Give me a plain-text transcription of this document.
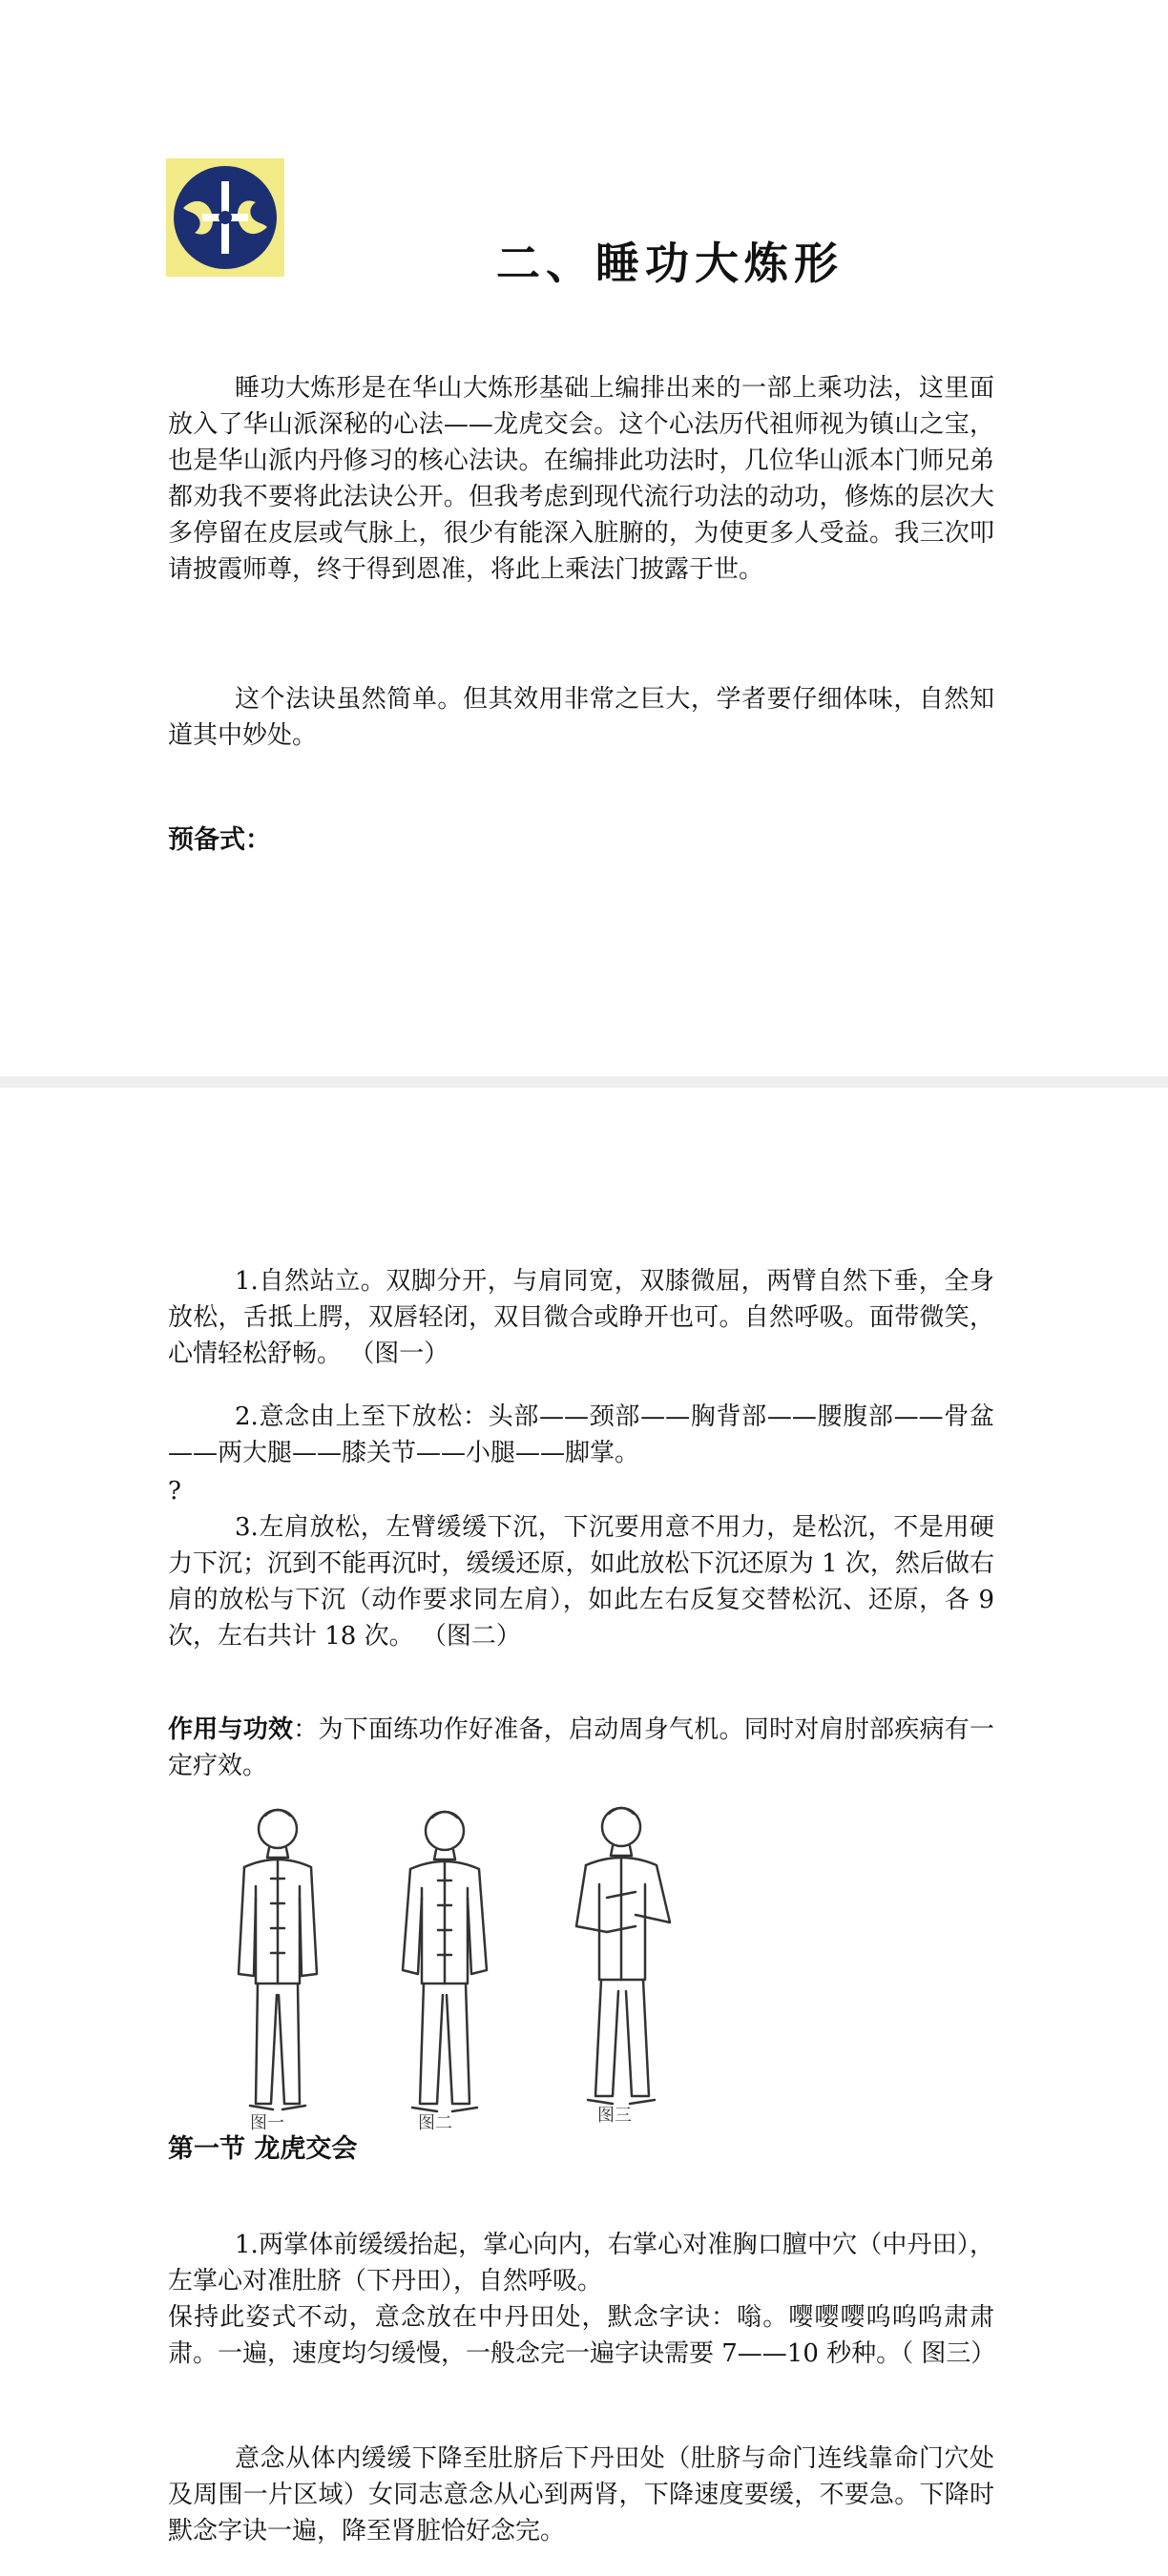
二、睡功大炼形
睡功大炼形是在华山大炼形基础上编排出来的一部上乘功法，这里面放入了华山派深秘的心法——龙虎交会。这个心法历代祖师视为镇山之宝，也是华山派内丹修习的核心法诀。在编排此功法时，几位华山派本门师兄弟都劝我不要将此法诀公开。但我考虑到现代流行功法的动功，修炼的层次大多停留在皮层或气脉上，很少有能深入脏腑的，为使更多人受益。我三次叩请披霞师尊，终于得到恩准，将此上乘法门披露于世。
这个法诀虽然简单。但其效用非常之巨大，学者要仔细体味，自然知道其中妙处。
预备式：
1.自然站立。双脚分开，与肩同宽，双膝微屈，两臂自然下垂，全身放松，舌抵上腭，双唇轻闭，双目微合或睁开也可。自然呼吸。面带微笑，心情轻松舒畅。 （图一）
2.意念由上至下放松：头部——颈部——胸背部——腰腹部——骨盆——两大腿——膝关节——小腿——脚掌。
?
3.左肩放松，左臂缓缓下沉，下沉要用意不用力，是松沉，不是用硬力下沉；沉到不能再沉时，缓缓还原，如此放松下沉还原为 1 次，然后做右肩的放松与下沉（动作要求同左肩），如此左右反复交替松沉、还原，各 9 次，左右共计 18 次。 （图二）
作用与功效：为下面练功作好准备，启动周身气机。同时对肩肘部疾病有一定疗效。
图一	图二	图三
第一节 龙虎交会
1.两掌体前缓缓抬起，掌心向内，右掌心对准胸口膻中穴（中丹田），左掌心对准肚脐（下丹田），自然呼吸。
保持此姿式不动，意念放在中丹田处，默念字诀：嗡。嘤嘤嘤呜呜呜肃肃肃。一遍，速度均匀缓慢，一般念完一遍字诀需要 7——10 秒种。（ 图三）
意念从体内缓缓下降至肚脐后下丹田处（肚脐与命门连线靠命门穴处及周围一片区域）女同志意念从心到两肾，下降速度要缓，不要急。下降时默念字诀一遍，降至肾脏恰好念完。
